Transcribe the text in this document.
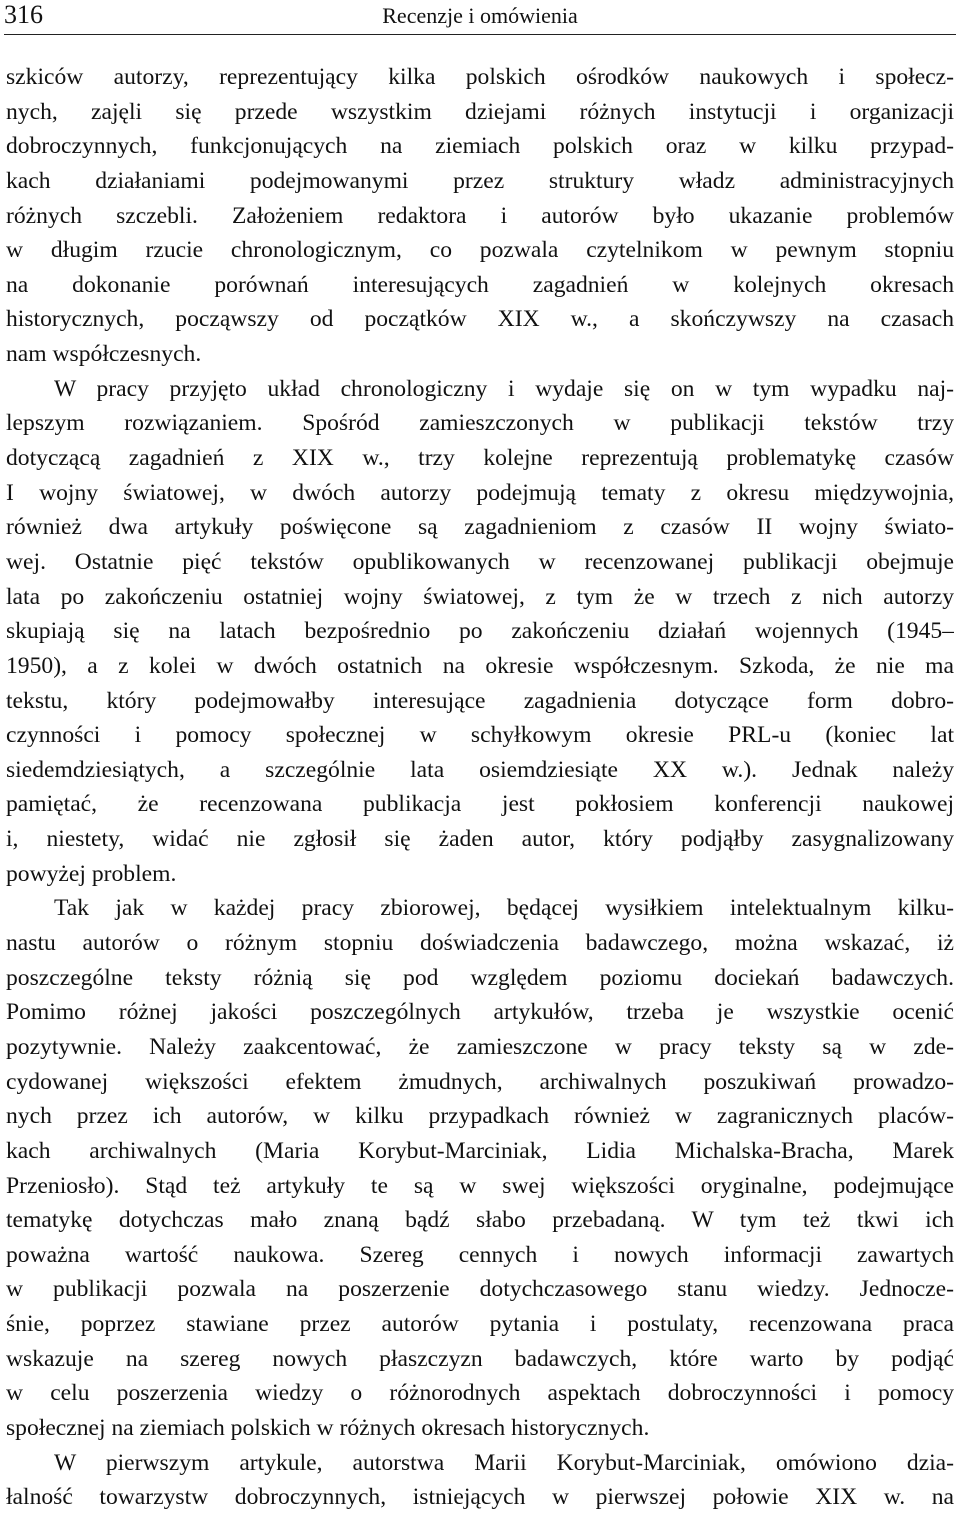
316	Recenzje i omówienia
szkiców autorzy, reprezentujący kilka polskich ośrodków naukowych i społecz-
nych, zajęli się przede wszystkim dziejami różnych instytucji i organizacji
dobroczynnych, funkcjonujących na ziemiach polskich oraz w kilku przypad-
kach działaniami podejmowanymi przez struktury władz administracyjnych
różnych szczebli. Założeniem redaktora i autorów było ukazanie problemów
w długim rzucie chronologicznym, co pozwala czytelnikom w pewnym stopniu
na dokonanie porównań interesujących zagadnień w kolejnych okresach
historycznych, począwszy od początków XIX w., a skończywszy na czasach
nam współczesnych.
W pracy przyjęto układ chronologiczny i wydaje się on w tym wypadku naj-
lepszym rozwiązaniem. Spośród zamieszczonych w publikacji tekstów trzy
dotyczącą zagadnień z XIX w., trzy kolejne reprezentują problematykę czasów
I wojny światowej, w dwóch autorzy podejmują tematy z okresu międzywojnia,
również dwa artykuły poświęcone są zagadnieniom z czasów II wojny świato-
wej. Ostatnie pięć tekstów opublikowanych w recenzowanej publikacji obejmuje
lata po zakończeniu ostatniej wojny światowej, z tym że w trzech z nich autorzy
skupiają się na latach bezpośrednio po zakończeniu działań wojennych (1945–
1950), a z kolei w dwóch ostatnich na okresie współczesnym. Szkoda, że nie ma
tekstu, który podejmowałby interesujące zagadnienia dotyczące form dobro-
czynności i pomocy społecznej w schyłkowym okresie PRL-u (koniec lat
siedemdziesiątych, a szczególnie lata osiemdziesiąte XX w.). Jednak należy
pamiętać, że recenzowana publikacja jest pokłosiem konferencji naukowej
i, niestety, widać nie zgłosił się żaden autor, który podjąłby zasygnalizowany
powyżej problem.
Tak jak w każdej pracy zbiorowej, będącej wysiłkiem intelektualnym kilku-
nastu autorów o różnym stopniu doświadczenia badawczego, można wskazać, iż
poszczególne teksty różnią się pod względem poziomu dociekań badawczych.
Pomimo różnej jakości poszczególnych artykułów, trzeba je wszystkie ocenić
pozytywnie. Należy zaakcentować, że zamieszczone w pracy teksty są w zde-
cydowanej większości efektem żmudnych, archiwalnych poszukiwań prowadzo-
nych przez ich autorów, w kilku przypadkach również w zagranicznych placów-
kach archiwalnych (Maria Korybut-Marciniak, Lidia Michalska-Bracha, Marek
Przeniosło). Stąd też artykuły te są w swej większości oryginalne, podejmujące
tematykę dotychczas mało znaną bądź słabo przebadaną. W tym też tkwi ich
poważna wartość naukowa. Szereg cennych i nowych informacji zawartych
w publikacji pozwala na poszerzenie dotychczasowego stanu wiedzy. Jednocze-
śnie, poprzez stawiane przez autorów pytania i postulaty, recenzowana praca
wskazuje na szereg nowych płaszczyzn badawczych, które warto by podjąć
w celu poszerzenia wiedzy o różnorodnych aspektach dobroczynności i pomocy
społecznej na ziemiach polskich w różnych okresach historycznych.
W pierwszym artykule, autorstwa Marii Korybut-Marciniak, omówiono dzia-
łalność towarzystw dobroczynnych, istniejących w pierwszej połowie XIX w. na
